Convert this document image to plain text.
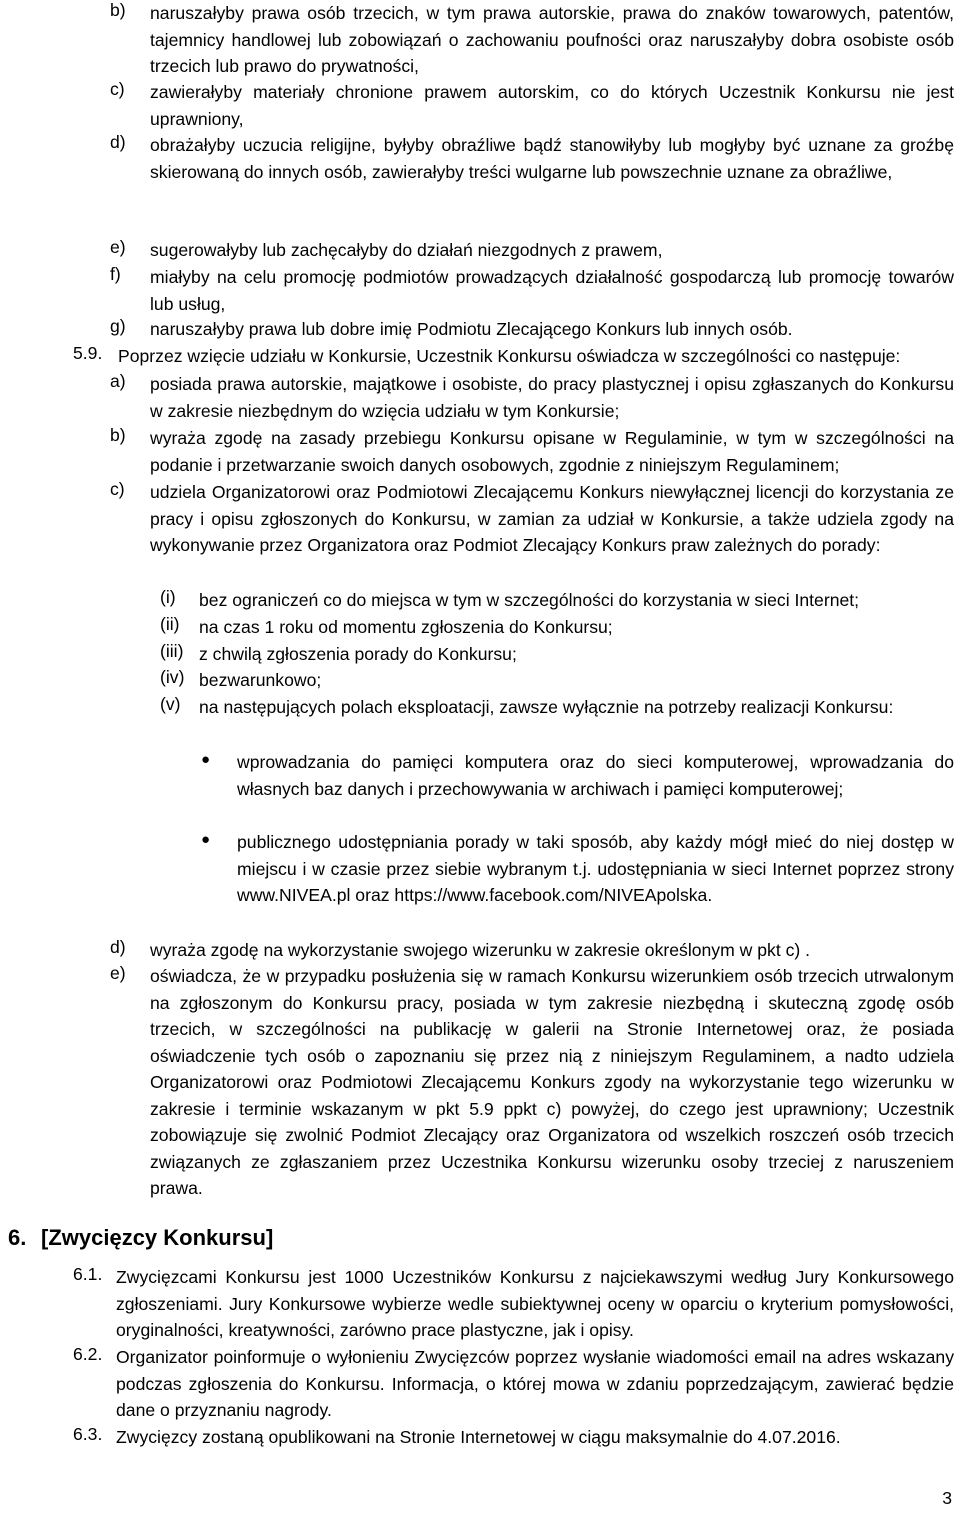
b) naruszałyby prawa osób trzecich, w tym prawa autorskie, prawa do znaków towarowych, patentów, tajemnicy handlowej lub zobowiązań o zachowaniu poufności oraz naruszałyby dobra osobiste osób trzecich lub prawo do prywatności,
c) zawierałyby materiały chronione prawem autorskim, co do których Uczestnik Konkursu nie jest uprawniony,
d) obrażałyby uczucia religijne, byłyby obraźliwe bądź stanowiłyby lub mogłyby być uznane za groźbę skierowaną do innych osób, zawierałyby treści wulgarne lub powszechnie uznane za obraźliwe,
e) sugerowałyby lub zachęcałyby do działań niezgodnych z prawem,
f) miałyby na celu promocję podmiotów prowadzących działalność gospodarczą lub promocję towarów lub usług,
g) naruszałyby prawa lub dobre imię Podmiotu Zlecającego Konkurs lub innych osób.
5.9. Poprzez wzięcie udziału w Konkursie, Uczestnik Konkursu oświadcza w szczególności co następuje:
a) posiada prawa autorskie, majątkowe i osobiste, do pracy plastycznej i opisu zgłaszanych do Konkursu w zakresie niezbędnym do wzięcia udziału w tym Konkursie;
b) wyraża zgodę na zasady przebiegu Konkursu opisane w Regulaminie, w tym w szczególności na podanie i przetwarzanie swoich danych osobowych, zgodnie z niniejszym Regulaminem;
c) udziela Organizatorowi oraz Podmiotowi Zlecającemu Konkurs niewyłącznej licencji do korzystania ze pracy i opisu zgłoszonych do Konkursu, w zamian za udział w Konkursie, a także udziela zgody na wykonywanie przez Organizatora oraz Podmiot Zlecający Konkurs praw zależnych do porady:
(i) bez ograniczeń co do miejsca w tym w szczególności do korzystania w sieci Internet;
(ii) na czas 1 roku od momentu zgłoszenia do Konkursu;
(iii) z chwilą zgłoszenia porady do Konkursu;
(iv) bezwarunkowo;
(v) na następujących polach eksploatacji, zawsze wyłącznie na potrzeby realizacji Konkursu:
● wprowadzania do pamięci komputera oraz do sieci komputerowej, wprowadzania do własnych baz danych i przechowywania w archiwach i pamięci komputerowej;
● publicznego udostępniania porady w taki sposób, aby każdy mógł mieć do niej dostęp w miejscu i w czasie przez siebie wybranym t.j. udostępniania w sieci Internet poprzez strony www.NIVEA.pl oraz https://www.facebook.com/NIVEApolska.
d) wyraża zgodę na wykorzystanie swojego wizerunku w zakresie określonym w pkt c) .
e) oświadcza, że w przypadku posłużenia się w ramach Konkursu wizerunkiem osób trzecich utrwalonym na zgłoszonym do Konkursu pracy, posiada w tym zakresie niezbędną i skuteczną zgodę osób trzecich, w szczególności na publikację w galerii na Stronie Internetowej oraz, że posiada oświadczenie tych osób o zapoznaniu się przez nią z niniejszym Regulaminem, a nadto udziela Organizatorowi oraz Podmiotowi Zlecającemu Konkurs zgody na wykorzystanie tego wizerunku w zakresie i terminie wskazanym w pkt 5.9 ppkt c) powyżej, do czego jest uprawniony; Uczestnik zobowiązuje się zwolnić Podmiot Zlecający oraz Organizatora od wszelkich roszczeń osób trzecich związanych ze zgłaszaniem przez Uczestnika Konkursu wizerunku osoby trzeciej z naruszeniem prawa.
6. [Zwycięzcy Konkursu]
6.1. Zwycięzcami Konkursu jest 1000 Uczestników Konkursu z najciekawszymi według Jury Konkursowego zgłoszeniami. Jury Konkursowe wybierze wedle subiektywnej oceny w oparciu o kryterium pomysłowości, oryginalności, kreatywności, zarówno prace plastyczne, jak i opisy.
6.2. Organizator poinformuje o wyłonieniu Zwycięzców poprzez wysłanie wiadomości email na adres wskazany podczas zgłoszenia do Konkursu. Informacja, o której mowa w zdaniu poprzedzającym, zawierać będzie dane o przyznaniu nagrody.
6.3. Zwycięzcy zostaną opublikowani na Stronie Internetowej w ciągu maksymalnie do 4.07.2016.
3
